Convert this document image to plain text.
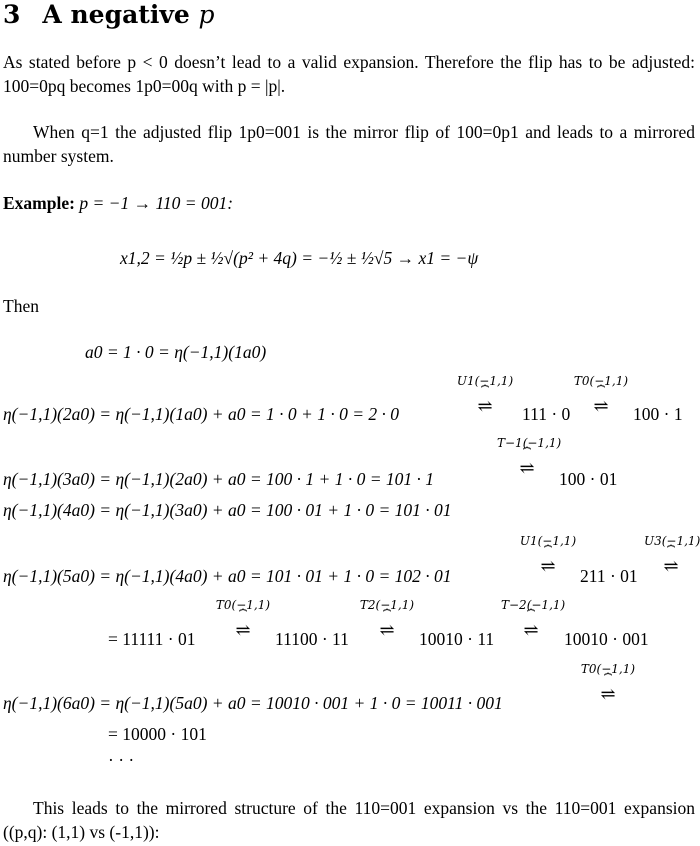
3 A negative p

As stated before p < 0 doesn’t lead to a valid expansion. Therefore the flip has to be adjusted: 100=0pq becomes 1p0=00q with p = |p|.

When q=1 the adjusted flip 1p0=001 is the mirror flip of 100=0p1 and leads to a mirrored number system.

Example: p = −1 → 110 = 001:
x1,2 = ½p ± ½√(p² + 4q) = −½ ± ½√5 → x1 = −ψ
Then
a0 = 1 · 0 = η(−1,1)(1a0)
η(−1,1)(2a0) = η(−1,1)(1a0) + a0 = 1 · 0 + 1 · 0 = 2 · 0
U1(−1,1)
⏞
⇌	111 · 0
T0(−1,1)
⏞
⇌	100 · 1
η(−1,1)(3a0) = η(−1,1)(2a0) + a0 = 100 · 1 + 1 · 0 = 101 · 1
T−1(−1,1)
⏞
⇌	100 · 01
η(−1,1)(4a0) = η(−1,1)(3a0) + a0 = 100 · 01 + 1 · 0 = 101 · 01
η(−1,1)(5a0) = η(−1,1)(4a0) + a0 = 101 · 01 + 1 · 0 = 102 · 01
U1(−1,1)
⏞
⇌	211 · 01
U3(−1,1)
⏞
⇌
= 11111 · 01
T0(−1,1)
⏞
⇌	11100 · 11
T2(−1,1)
⏞
⇌	10010 · 11
T−2(−1,1)
⏞
⇌	10010 · 001
η(−1,1)(6a0) = η(−1,1)(5a0) + a0 = 10010 · 001 + 1 · 0 = 10011 · 001
T0(−1,1)
⏞
⇌
= 10000 · 101
· · ·

This leads to the mirrored structure of the 110=001 expansion vs the 110=001 expansion ((p,q): (1,1) vs (-1,1)):
